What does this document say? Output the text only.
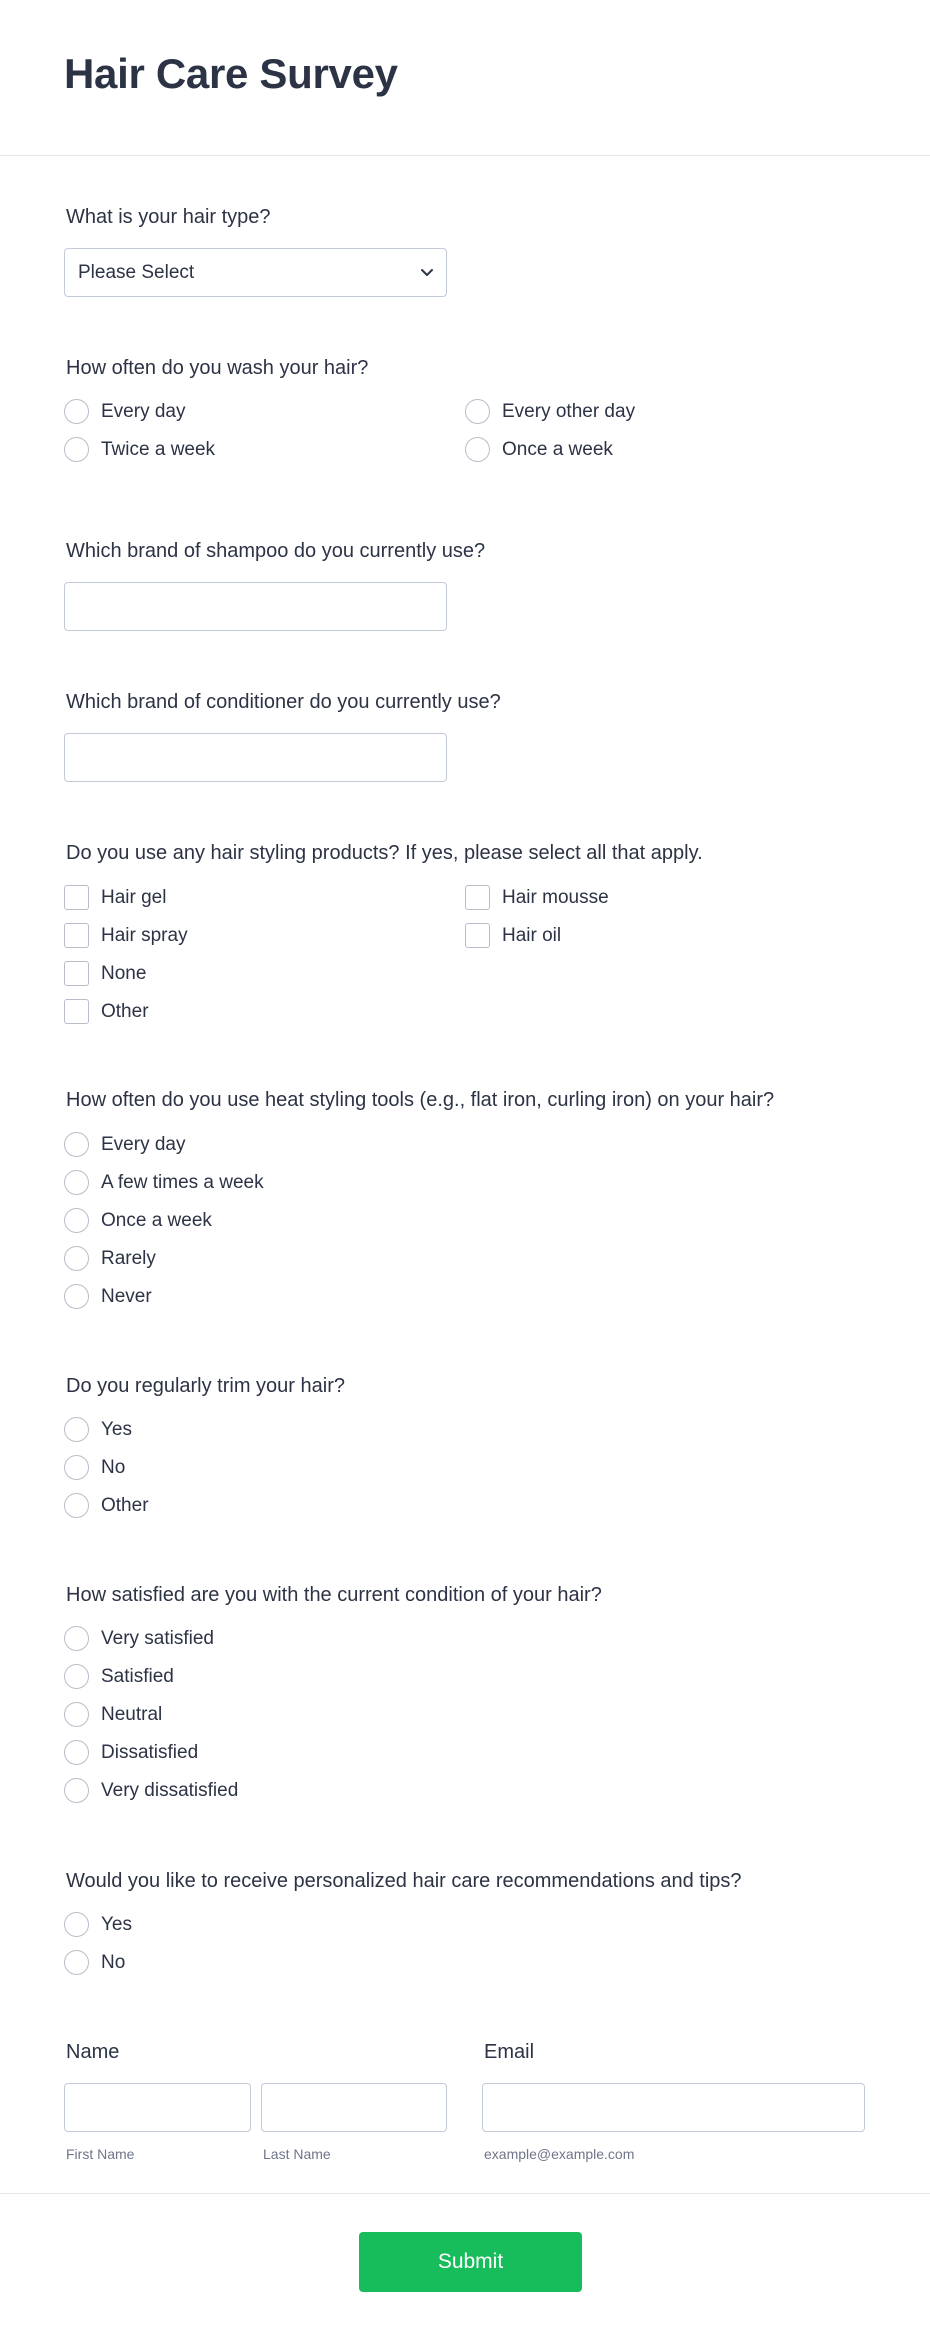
Hair Care Survey
What is your hair type?
Please Select
How often do you wash your hair?
Every day	Every other day
Twice a week	Once a week
Which brand of shampoo do you currently use?
Which brand of conditioner do you currently use?
Do you use any hair styling products? If yes, please select all that apply.
Hair gel	Hair mousse
Hair spray	Hair oil
None
Other
How often do you use heat styling tools (e.g., flat iron, curling iron) on your hair?
Every day
A few times a week
Once a week
Rarely
Never
Do you regularly trim your hair?
Yes
No
Other
How satisfied are you with the current condition of your hair?
Very satisfied
Satisfied
Neutral
Dissatisfied
Very dissatisfied
Would you like to receive personalized hair care recommendations and tips?
Yes
No
Name
First Name	Last Name
Email
example@example.com
Submit
